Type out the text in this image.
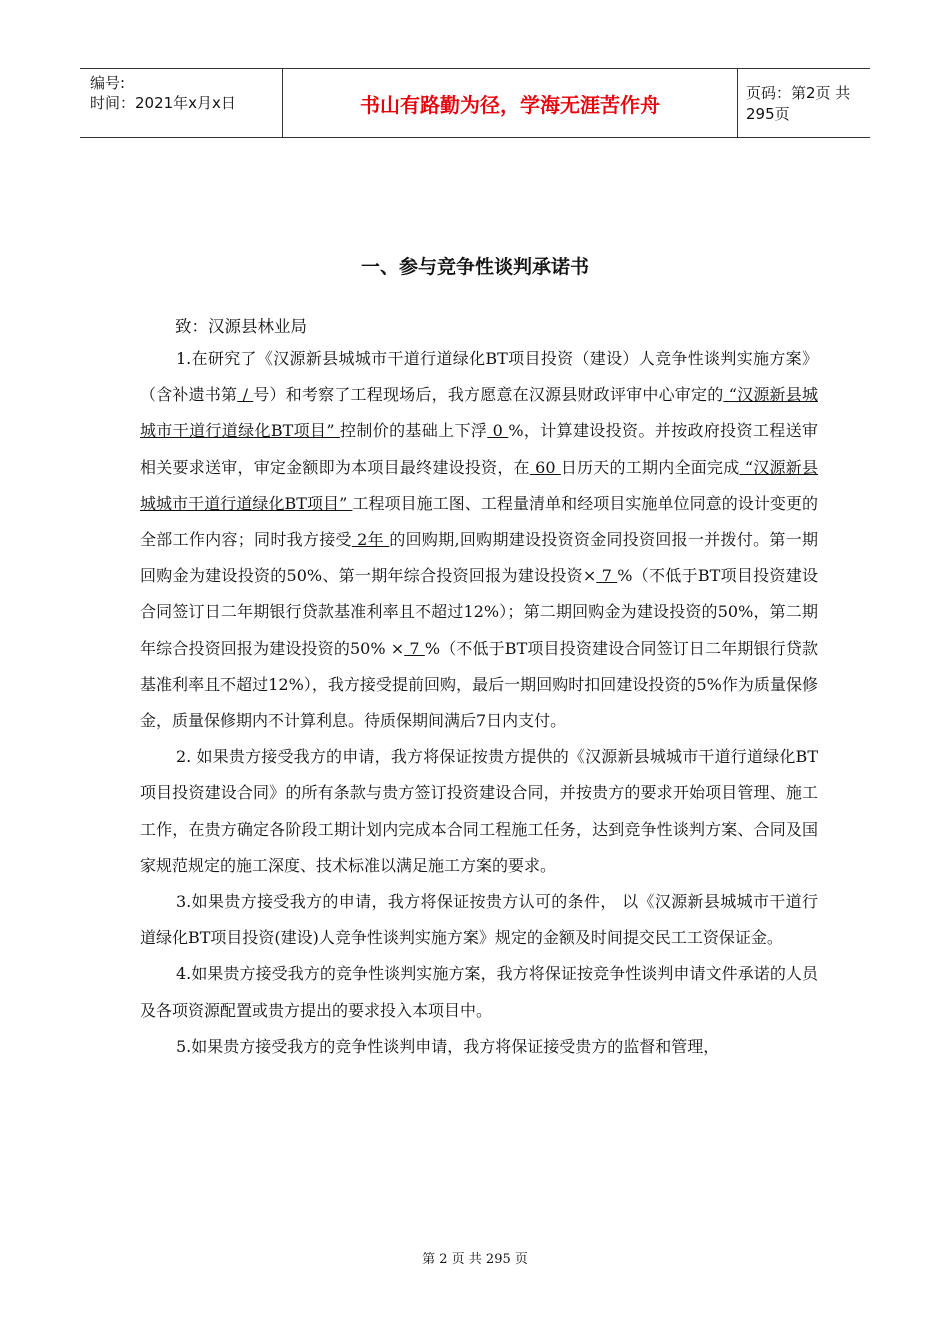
编号:
时间：2021年x月x日	书山有路勤为径，学海无涯苦作舟	页码：第2页 共295页
一、参与竞争性谈判承诺书
致：汉源县林业局

1.在研究了《汉源新县城城市干道行道绿化BT项目投资（建设）人竞争性谈判实施方案》（含补遗书第 / 号）和考察了工程现场后，我方愿意在汉源县财政评审中心审定的 “汉源新县城城市干道行道绿化BT项目” 控制价的基础上下浮 0 %，计算建设投资。并按政府投资工程送审相关要求送审，审定金额即为本项目最终建设投资，在 60 日历天的工期内全面完成 “汉源新县城城市干道行道绿化BT项目” 工程项目施工图、工程量清单和经项目实施单位同意的设计变更的全部工作内容；同时我方接受 2年 的回购期,回购期建设投资资金同投资回报一并拨付。第一期回购金为建设投资的50%、第一期年综合投资回报为建设投资× 7 %（不低于BT项目投资建设合同签订日二年期银行贷款基准利率且不超过12%）；第二期回购金为建设投资的50%，第二期年综合投资回报为建设投资的50% × 7 %（不低于BT项目投资建设合同签订日二年期银行贷款基准利率且不超过12%），我方接受提前回购，最后一期回购时扣回建设投资的5%作为质量保修金，质量保修期内不计算利息。待质保期间满后7日内支付。

2. 如果贵方接受我方的申请，我方将保证按贵方提供的《汉源新县城城市干道行道绿化BT项目投资建设合同》的所有条款与贵方签订投资建设合同，并按贵方的要求开始项目管理、施工工作，在贵方确定各阶段工期计划内完成本合同工程施工任务，达到竞争性谈判方案、合同及国家规范规定的施工深度、技术标准以满足施工方案的要求。

3.如果贵方接受我方的申请，我方将保证按贵方认可的条件， 以《汉源新县城城市干道行道绿化BT项目投资(建设)人竞争性谈判实施方案》规定的金额及时间提交民工工资保证金。

4.如果贵方接受我方的竞争性谈判实施方案，我方将保证按竞争性谈判申请文件承诺的人员及各项资源配置或贵方提出的要求投入本项目中。

5.如果贵方接受我方的竞争性谈判申请，我方将保证接受贵方的监督和管理，

第 2 页 共 295 页
